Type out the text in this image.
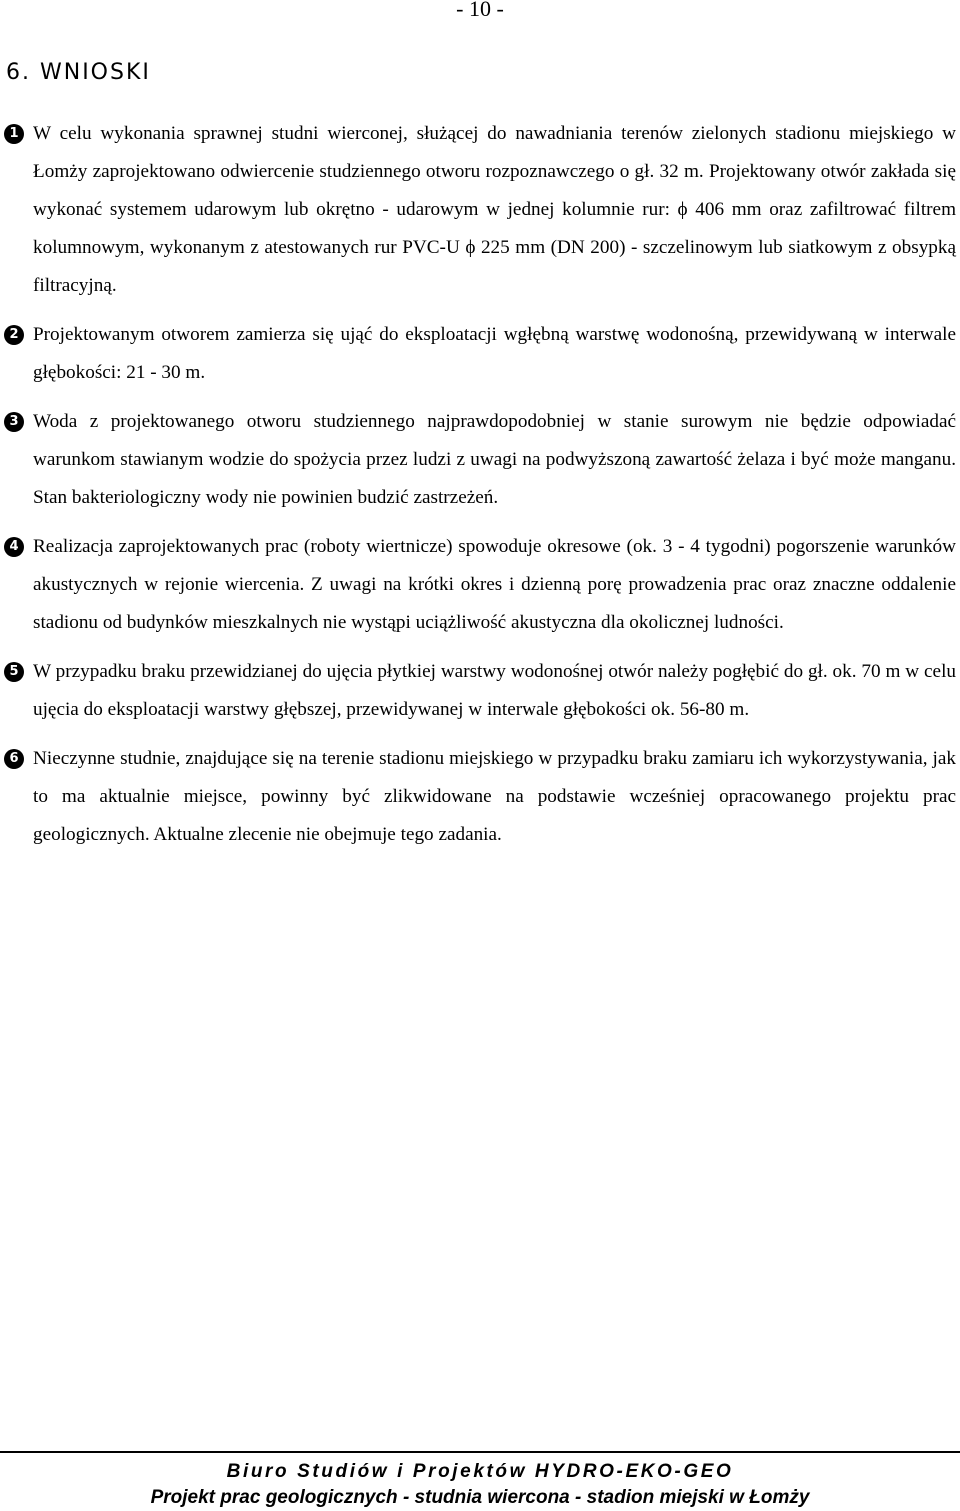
- 10 -
6. WNIOSKI
1 W celu wykonania sprawnej studni wierconej, służącej do nawadniania terenów zielonych stadionu miejskiego w Łomży zaprojektowano odwiercenie studziennego otworu rozpoznawczego o gł. 32 m. Projektowany otwór zakłada się wykonać systemem udarowym lub okrętno - udarowym w jednej kolumnie rur: ϕ 406 mm oraz zafiltrować filtrem kolumnowym, wykonanym z atestowanych rur PVC-U ϕ 225 mm (DN 200) - szczelinowym lub siatkowym z obsypką filtracyjną.

2 Projektowanym otworem zamierza się ująć do eksploatacji wgłębną warstwę wodonośną, przewidywaną w interwale głębokości: 21 - 30 m.

3 Woda z projektowanego otworu studziennego najprawdopodobniej w stanie surowym nie będzie odpowiadać warunkom stawianym wodzie do spożycia przez ludzi z uwagi na podwyższoną zawartość żelaza i być może manganu. Stan bakteriologiczny wody nie powinien budzić zastrzeżeń.

4 Realizacja zaprojektowanych prac (roboty wiertnicze) spowoduje okresowe (ok. 3 - 4 tygodni) pogorszenie warunków akustycznych w rejonie wiercenia. Z uwagi na krótki okres i dzienną porę prowadzenia prac oraz znaczne oddalenie stadionu od budynków mieszkalnych nie wystąpi uciążliwość akustyczna dla okolicznej ludności.

5 W przypadku braku przewidzianej do ujęcia płytkiej warstwy wodonośnej otwór należy pogłębić do gł. ok. 70 m w celu ujęcia do eksploatacji warstwy głębszej, przewidywanej w interwale głębokości ok. 56-80 m.

6 Nieczynne studnie, znajdujące się na terenie stadionu miejskiego w przypadku braku zamiaru ich wykorzystywania, jak to ma aktualnie miejsce, powinny być zlikwidowane na podstawie wcześniej opracowanego projektu prac geologicznych. Aktualne zlecenie nie obejmuje tego zadania.

Biuro Studiów i Projektów HYDRO-EKO-GEO
Projekt prac geologicznych - studnia wiercona - stadion miejski w Łomży
